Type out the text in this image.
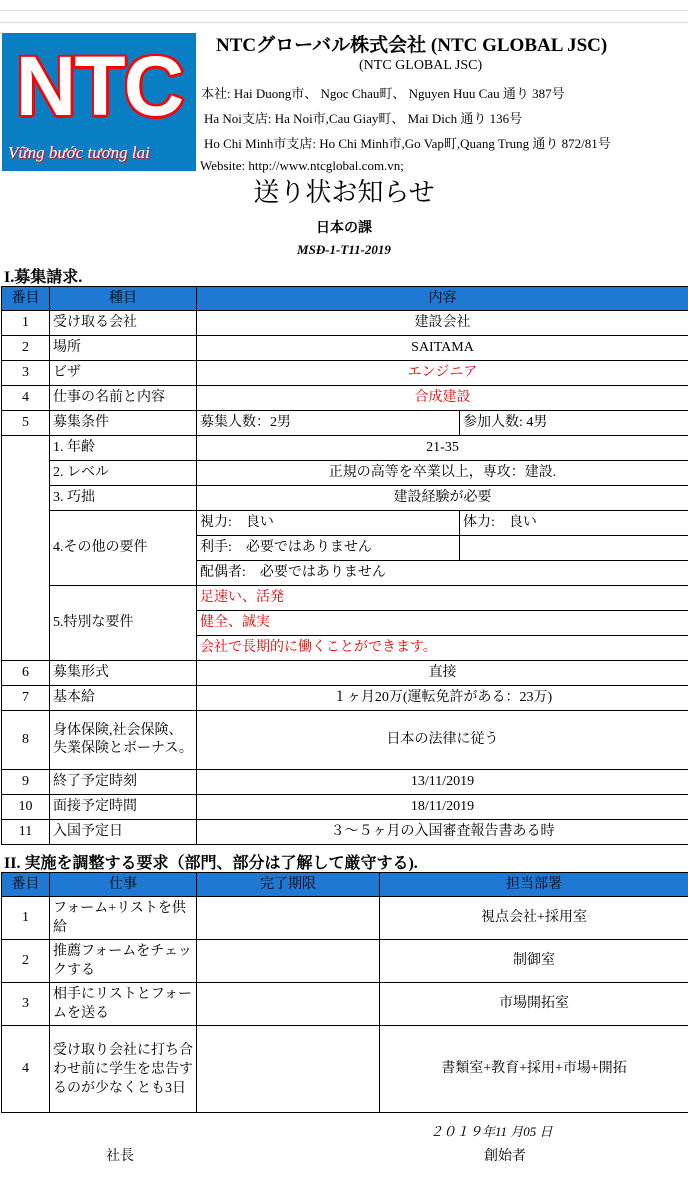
NTC
Vững bước tương lai
NTCグローバル株式会社 (NTC GLOBAL JSC)
(NTC GLOBAL JSC)
本社: Hai Duong市、 Ngoc Chau町、 Nguyen Huu Cau 通り 387号
Ha Noi支店: Ha Noi市,Cau Giay町、 Mai Dich 通り 136号
Ho Chi Minh市支店: Ho Chi Minh市,Go Vap町,Quang Trung 通り 872/81号
Website: http://www.ntcglobal.com.vn;
送り状お知らせ
日本の課
MSĐ-1-T11-2019
I.募集請求.
番目	種目	内容	
1	受け取る会社	建設会社	
2	場所	SAITAMA	
3	ビザ	エンジニア	
4	仕事の名前と内容	合成建設	
5	募集条件	募集人数：2男	参加人数: 4男
	1. 年齢	21-35	
	2. レベル	正規の高等を卒業以上，専攻：建設.	
	3. 巧拙	建設経験が必要	
	4.その他の要件	視力:　良い	体力:　良い
		利手:　必要ではありません	
		配偶者:　必要ではありません	
	5.特別な要件	足速い、活発	
		健全、誠実	
		会社で長期的に働くことができます。	
6	募集形式	直接	
7	基本給	１ヶ月20万(運転免許がある：23万)	
8	身体保険,社会保険、失業保険とボーナス。	日本の法律に従う	
9	終了予定時刻	13/11/2019	
10	面接予定時間	18/11/2019	
11	入国予定日	３～５ヶ月の入国審査報告書ある時	
II. 実施を調整する要求（部門、部分は了解して厳守する).
番目	仕事	完了期限	担当部署
1	フォーム+リストを供給		視点会社+採用室
2	推薦フォームをチェックする		制御室
3	相手にリストとフォームを送る		市場開拓室
4	受け取り会社に打ち合わせ前に学生を忠告するのが少なくとも3日		書類室+教育+採用+市場+開拓
２０１９年11 月05 日
社長	創始者
